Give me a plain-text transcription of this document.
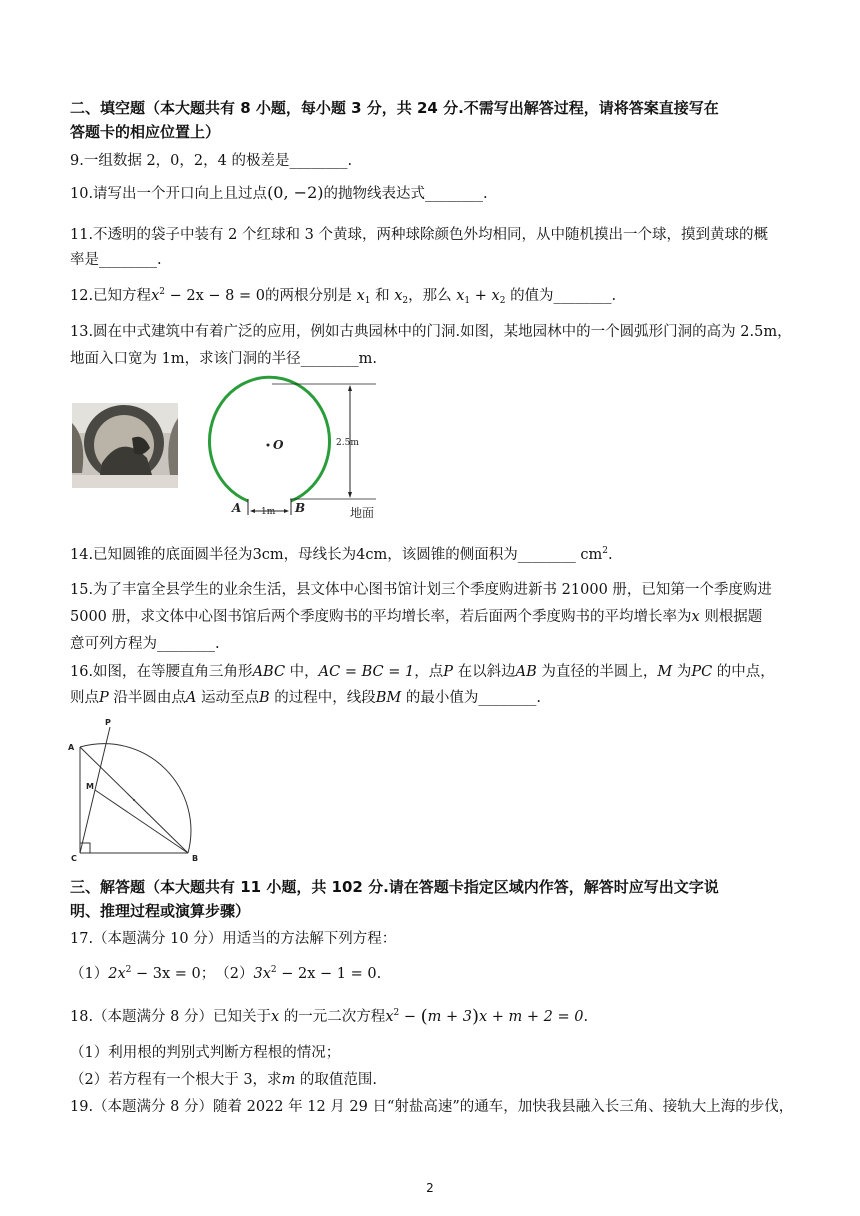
二、填空题（本大题共有 8 小题，每小题 3 分，共 24 分.不需写出解答过程，请将答案直接写在
答题卡的相应位置上）
9.一组数据 2，0，2，4 的极差是________.
10.请写出一个开口向上且过点(0, −2)的抛物线表达式________.
11.不透明的袋子中装有 2 个红球和 3 个黄球，两种球除颜色外均相同，从中随机摸出一个球，摸到黄球的概
率是________.
12.已知方程$x^2 - 2x - 8 = 0$的两根分别是 $x_1$ 和 $x_2$，那么 $x_1 + x_2$ 的值为________.
13.圆在中式建筑中有着广泛的应用，例如古典园林中的门洞.如图，某地园林中的一个圆弧形门洞的高为 2.5m，
地面入口宽为 1m，求该门洞的半径________m.
1m
A	B
O	2.5m
地面
14.已知圆锥的底面圆半径为3cm，母线长为4cm，该圆锥的侧面积为________ $cm^2$.
15.为了丰富全县学生的业余生活，县文体中心图书馆计划三个季度购进新书 21000 册，已知第一个季度购进
5000 册，求文体中心图书馆后两个季度购书的平均增长率，若后面两个季度购书的平均增长率为x 则根据题
意可列方程为________.
16.如图，在等腰直角三角形ABC 中，AC = BC = 1，点P 在以斜边AB 为直径的半圆上，M 为PC 的中点，
则点P 沿半圆由点A 运动至点B 的过程中，线段BM 的最小值为________.
A
P
M
C	B
三、解答题（本大题共有 11 小题，共 102 分.请在答题卡指定区域内作答，解答时应写出文字说
明、推理过程或演算步骤）
17.（本题满分 10 分）用适当的方法解下列方程：
$(1)2x^2 - 3x = 0$；　$(2)3x^2 - 2x - 1 = 0$.
18.（本题满分 8 分）已知关于x 的一元二次方程$x^2 - (m + 3)x + m + 2 = 0$.
（1）利用根的判别式判断方程根的情况；
（2）若方程有一个根大于 3，求m 的取值范围.
19.（本题满分 8 分）随着 2022 年 12 月 29 日“射盐高速”的通车，加快我县融入长三角、接轨大上海的步伐，
2
